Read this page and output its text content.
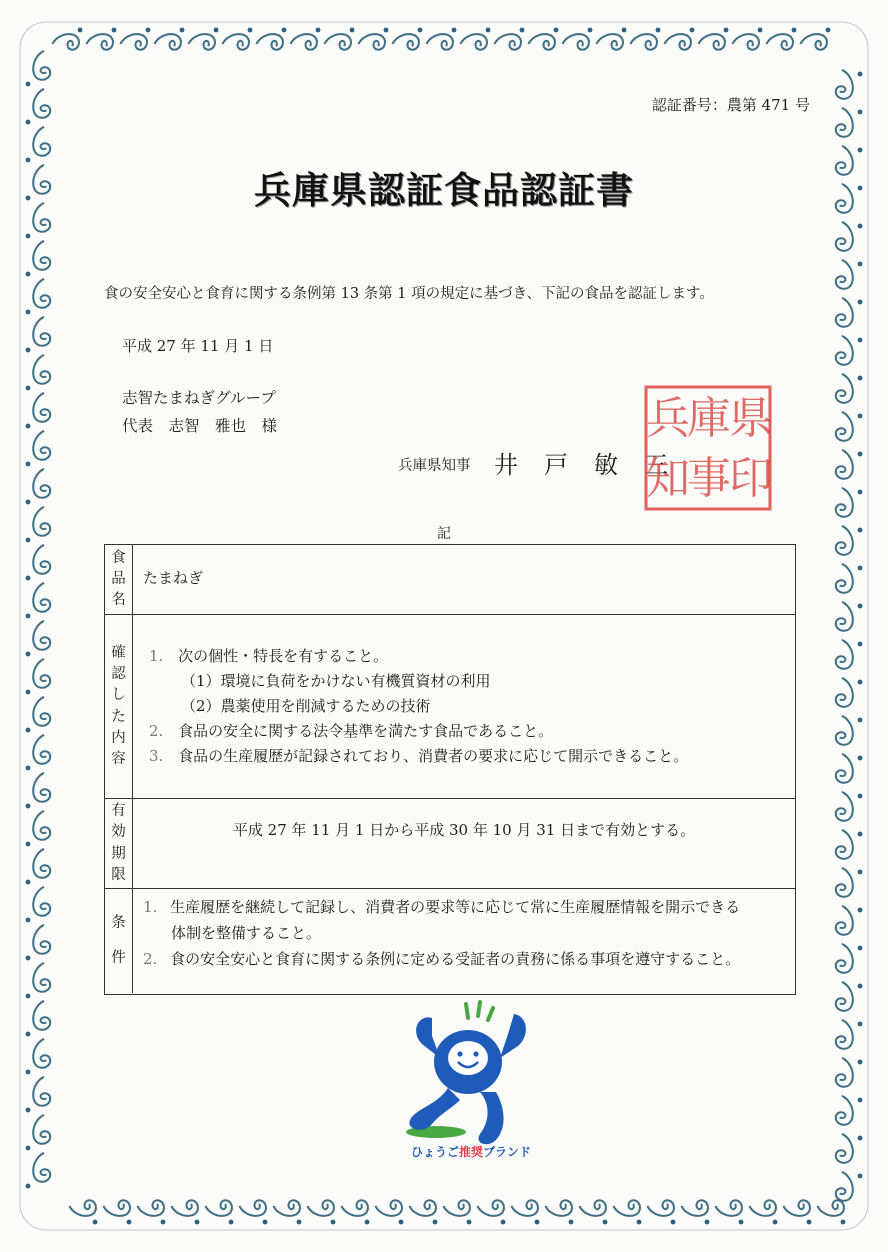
認証番号：農第 471 号
兵庫県認証食品認証書
食の安全安心と食育に関する条例第 13 条第 1 項の規定に基づき、下記の食品を認証します。
平成 27 年 11 月 1 日
志智たまねぎグループ
代表　志智　雅也　様
兵庫県知事 井　戸　敏　三
県
庫
兵
印
事
知
記
食
品
名
たまねぎ
確
認
し
た
内
容
1. 次の個性・特長を有すること。
（1）環境に負荷をかけない有機質資材の利用
（2）農薬使用を削減するための技術
2. 食品の安全に関する法令基準を満たす食品であること。
3. 食品の生産履歴が記録されており、消費者の要求に応じて開示できること。
有
効
期
限
平成 27 年 11 月 1 日から平成 30 年 10 月 31 日まで有効とする。
条
件
1. 生産履歴を継続して記録し、消費者の要求等に応じて常に生産履歴情報を開示できる
体制を整備すること。
2. 食の安全安心と食育に関する条例に定める受証者の責務に係る事項を遵守すること。
ひょうご推奨ブランド
